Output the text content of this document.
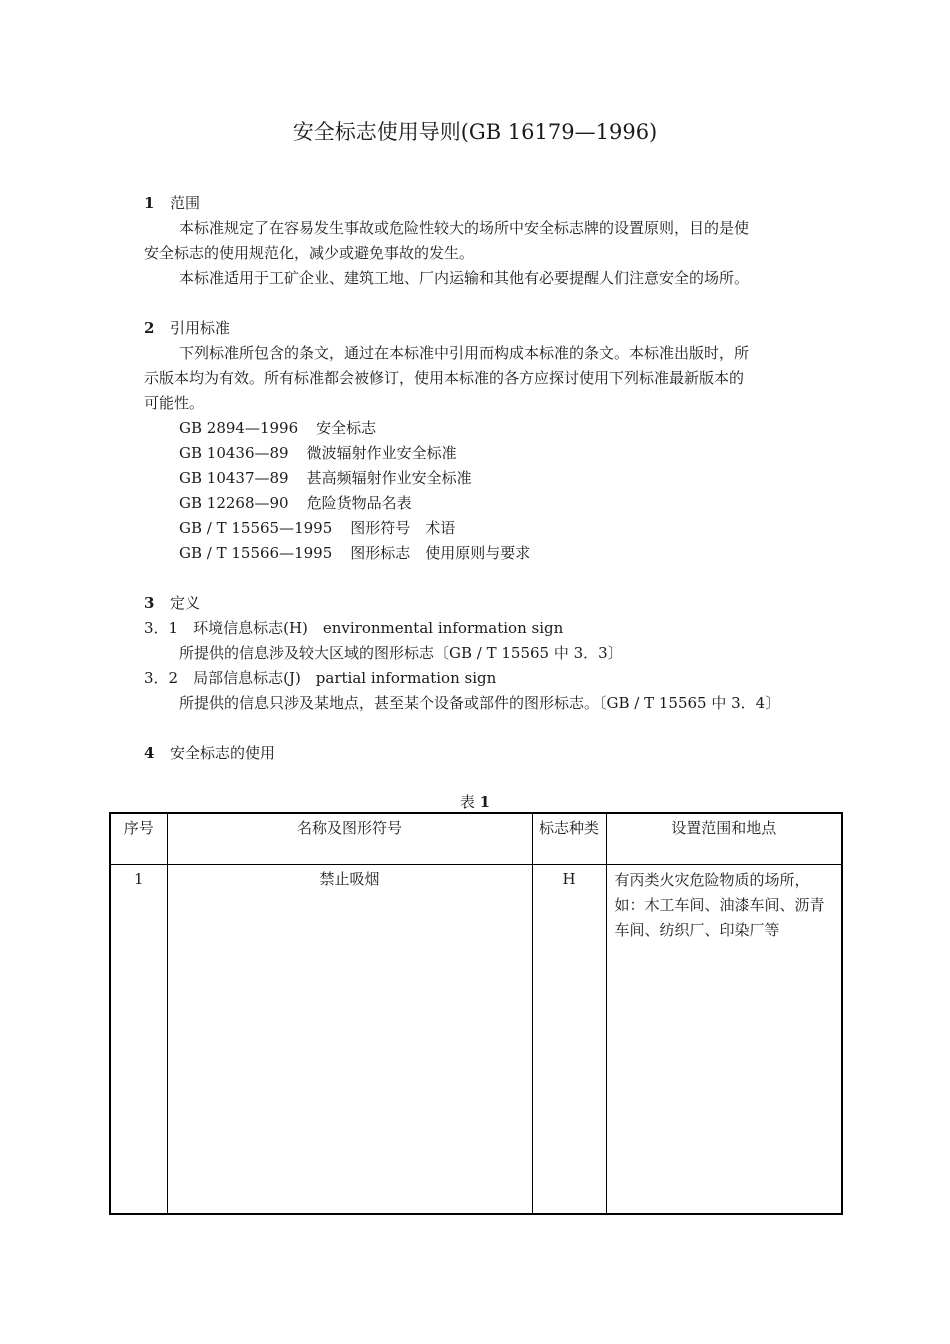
安全标志使用导则(GB 16179—1996)
1 范围
本标准规定了在容易发生事故或危险性较大的场所中安全标志牌的设置原则，目的是使
安全标志的使用规范化，减少或避免事故的发生。
本标准适用于工矿企业、建筑工地、厂内运输和其他有必要提醒人们注意安全的场所。
2 引用标准
下列标准所包含的条文，通过在本标准中引用而构成本标准的条文。本标准出版时，所
示版本均为有效。所有标准都会被修订，使用本标准的各方应探讨使用下列标准最新版本的
可能性。
GB 2894—1996 安全标志
GB 10436—89 微波辐射作业安全标准
GB 10437—89 甚高频辐射作业安全标准
GB 12268—90 危险货物品名表
GB / T 15565—1995 图形符号　术语
GB / T 15566—1995 图形标志　使用原则与要求
3 定义
3．1　环境信息标志(H)　environmental information sign
所提供的信息涉及较大区域的图形标志〔GB / T 15565 中 3．3〕
3．2　局部信息标志(J)　partial information sign
所提供的信息只涉及某地点，甚至某个设备或部件的图形标志。〔GB / T 15565 中 3．4〕
4 安全标志的使用
表 1
序号	名称及图形符号	标志种类	设置范围和地点
1	禁止吸烟	H	有丙类火灾危险物质的场所，如：木工车间、油漆车间、沥青车间、纺织厂、印染厂等
